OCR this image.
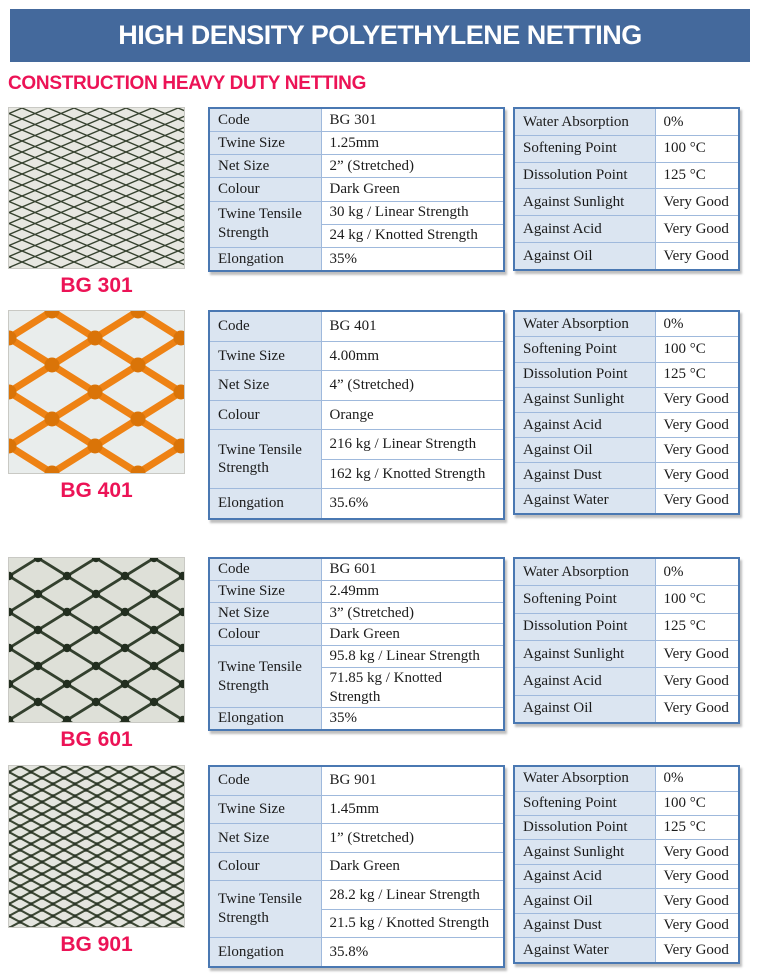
HIGH DENSITY POLYETHYLENE NETTING
CONSTRUCTION HEAVY DUTY NETTING
BG 301
Code	BG 301
Twine Size	1.25mm
Net Size	2” (Stretched)
Colour	Dark Green
Twine Tensile Strength	30 kg / Linear Strength
	24 kg / Knotted Strength
Elongation	35%
Water Absorption	0%
Softening Point	100 °C
Dissolution Point	125 °C
Against Sunlight	Very Good
Against Acid	Very Good
Against Oil	Very Good
BG 401
Code	BG 401
Twine Size	4.00mm
Net Size	4” (Stretched)
Colour	Orange
Twine Tensile Strength	216 kg / Linear Strength
	162 kg / Knotted Strength
Elongation	35.6%
Water Absorption	0%
Softening Point	100 °C
Dissolution Point	125 °C
Against Sunlight	Very Good
Against Acid	Very Good
Against Oil	Very Good
Against Dust	Very Good
Against Water	Very Good
BG 601
Code	BG 601
Twine Size	2.49mm
Net Size	3” (Stretched)
Colour	Dark Green
Twine Tensile Strength	95.8 kg / Linear Strength
	71.85 kg / Knotted Strength
Elongation	35%
Water Absorption	0%
Softening Point	100 °C
Dissolution Point	125 °C
Against Sunlight	Very Good
Against Acid	Very Good
Against Oil	Very Good
BG 901
Code	BG 901
Twine Size	1.45mm
Net Size	1” (Stretched)
Colour	Dark Green
Twine Tensile Strength	28.2 kg / Linear Strength
	21.5 kg / Knotted Strength
Elongation	35.8%
Water Absorption	0%
Softening Point	100 °C
Dissolution Point	125 °C
Against Sunlight	Very Good
Against Acid	Very Good
Against Oil	Very Good
Against Dust	Very Good
Against Water	Very Good
